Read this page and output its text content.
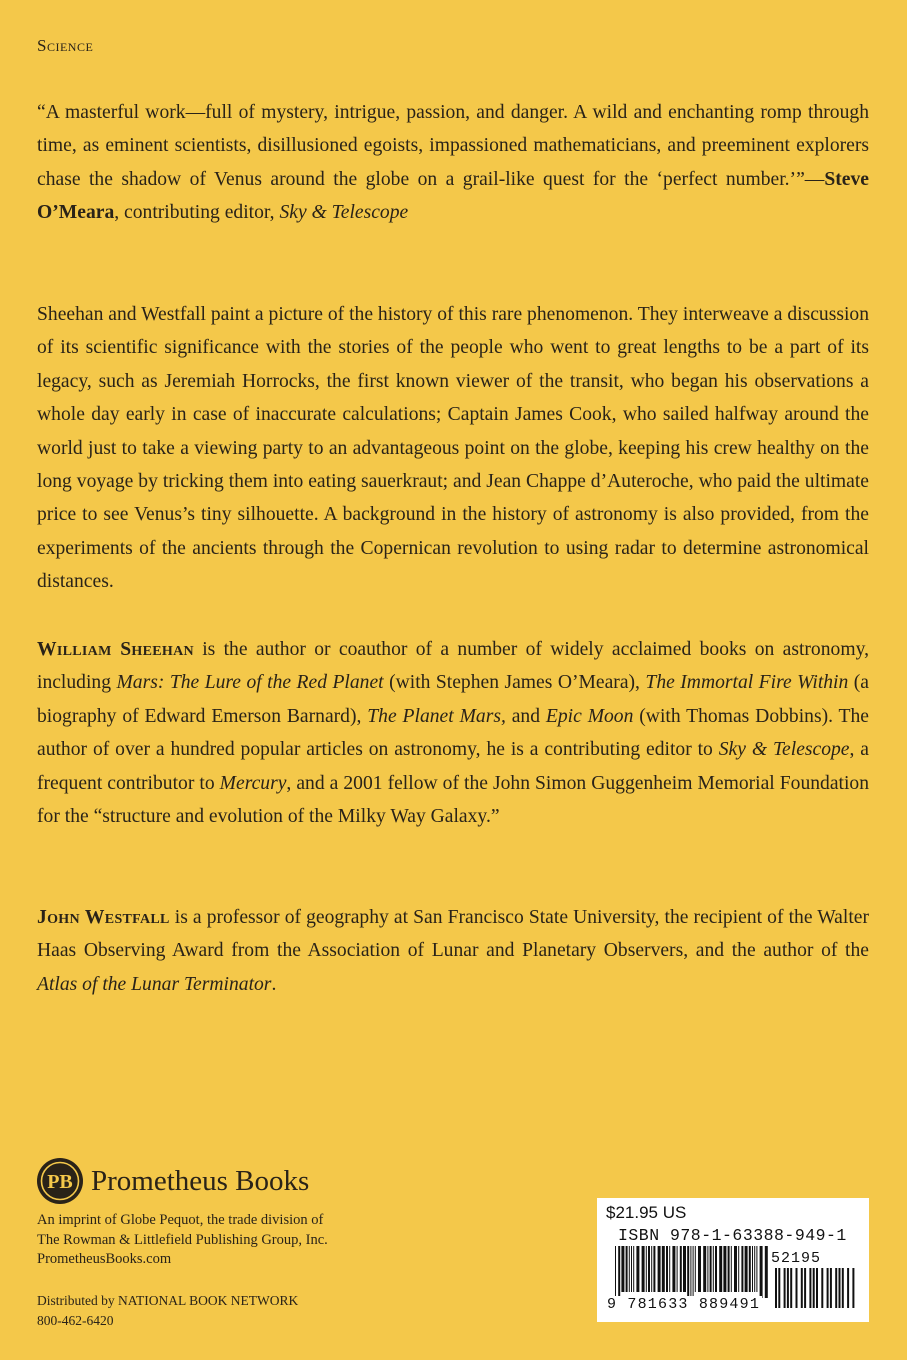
Science

“A masterful work—full of mystery, intrigue, passion, and danger. A wild and enchanting romp through time, as eminent scientists, disillusioned egoists, impassioned mathematicians, and preeminent explorers chase the shadow of Venus around the globe on a grail-like quest for the ‘perfect number.’”—Steve O’Meara, contributing editor, Sky & Telescope

Sheehan and Westfall paint a picture of the history of this rare phenomenon. They interweave a discussion of its scientific significance with the stories of the people who went to great lengths to be a part of its legacy, such as Jeremiah Horrocks, the first known viewer of the transit, who began his observations a whole day early in case of inaccurate calculations; Captain James Cook, who sailed halfway around the world just to take a viewing party to an advantageous point on the globe, keeping his crew healthy on the long voyage by tricking them into eating sauerkraut; and Jean Chappe d’Auteroche, who paid the ultimate price to see Venus’s tiny silhouette. A background in the history of astronomy is also provided, from the experiments of the ancients through the Copernican revolution to using radar to determine astronomical distances.

William Sheehan is the author or coauthor of a number of widely acclaimed books on astronomy, including Mars: The Lure of the Red Planet (with Stephen James O’Meara), The Immortal Fire Within (a biography of Edward Emerson Barnard), The Planet Mars, and Epic Moon (with Thomas Dobbins). The author of over a hundred popular articles on astronomy, he is a contributing editor to Sky & Telescope, a frequent contributor to Mercury, and a 2001 fellow of the John Simon Guggenheim Memorial Foundation for the “structure and evolution of the Milky Way Galaxy.”

John Westfall is a professor of geography at San Francisco State University, the recipient of the Walter Haas Observing Award from the Association of Lunar and Planetary Observers, and the author of the Atlas of the Lunar Terminator.

PB Prometheus Books
An imprint of Globe Pequot, the trade division of
The Rowman & Littlefield Publishing Group, Inc.
PrometheusBooks.com
Distributed by NATIONAL BOOK NETWORK
800-462-6420
$21.95 US
ISBN 978-1-63388-949-1
9 781633 889491
52195
